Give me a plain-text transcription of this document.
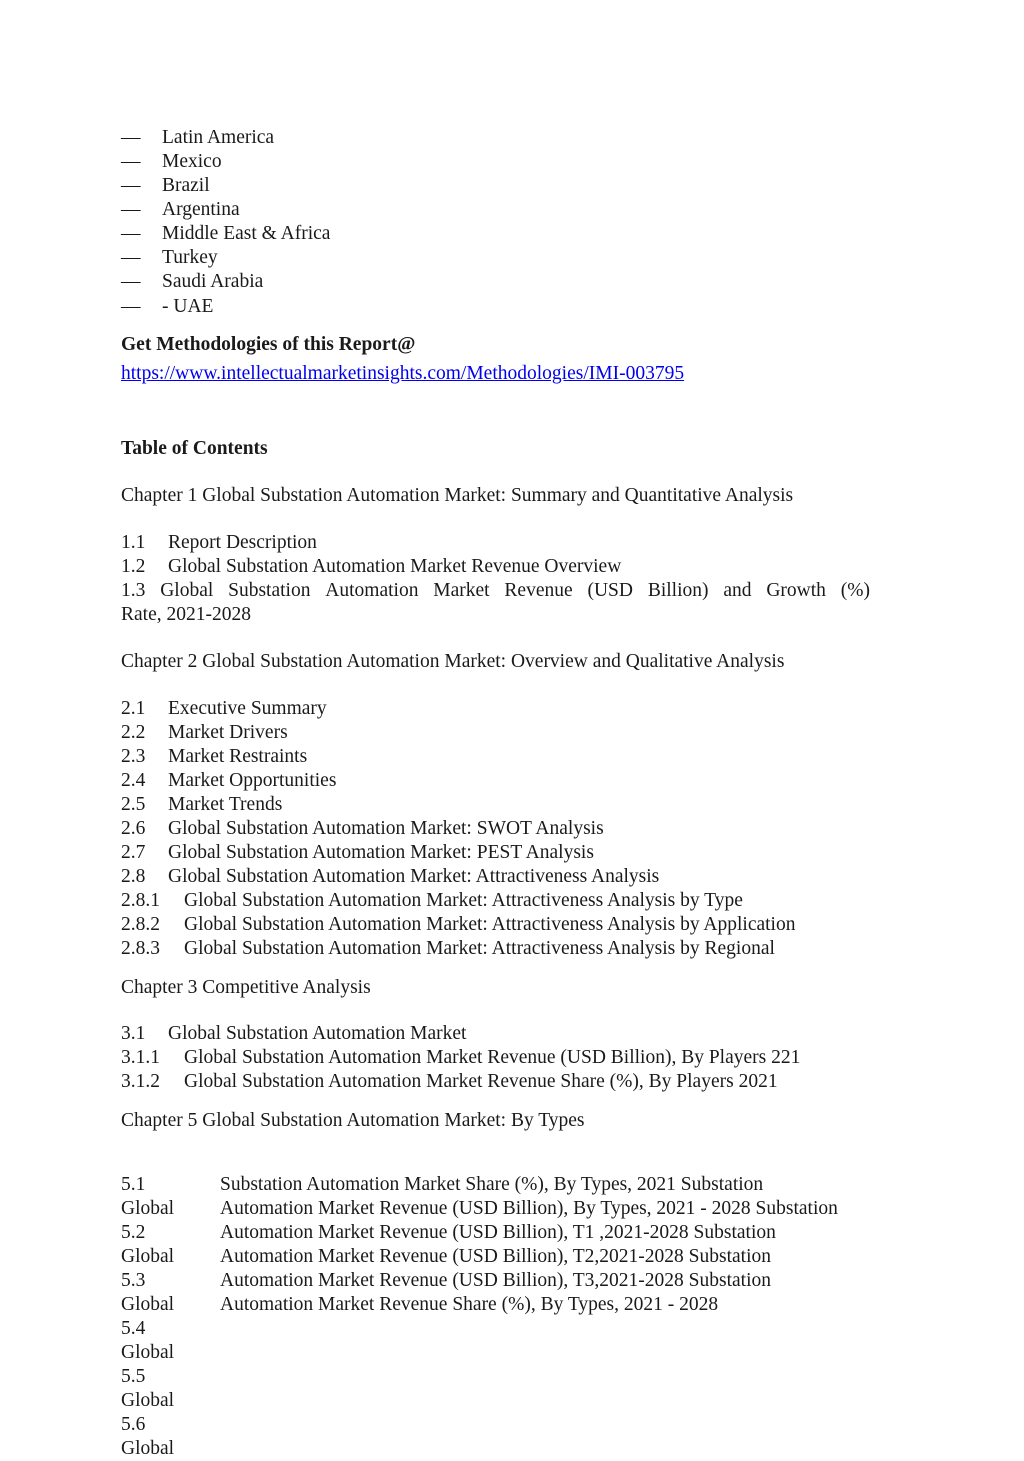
— Latin America
— Mexico
— Brazil
— Argentina
— Middle East & Africa
— Turkey
— Saudi Arabia
— - UAE
Get Methodologies of this Report@
https://www.intellectualmarketinsights.com/Methodologies/IMI-003795
Table of Contents
Chapter 1 Global Substation Automation Market: Summary and Quantitative Analysis
1.1 Report Description
1.2 Global Substation Automation Market Revenue Overview
1.3 Global Substation Automation Market Revenue (USD Billion) and Growth (%)
Rate, 2021-2028
Chapter 2 Global Substation Automation Market: Overview and Qualitative Analysis
2.1 Executive Summary
2.2 Market Drivers
2.3 Market Restraints
2.4 Market Opportunities
2.5 Market Trends
2.6 Global Substation Automation Market: SWOT Analysis
2.7 Global Substation Automation Market: PEST Analysis
2.8 Global Substation Automation Market: Attractiveness Analysis
2.8.1 Global Substation Automation Market: Attractiveness Analysis by Type
2.8.2 Global Substation Automation Market: Attractiveness Analysis by Application
2.8.3 Global Substation Automation Market: Attractiveness Analysis by Regional
Chapter 3 Competitive Analysis
3.1 Global Substation Automation Market
3.1.1 Global Substation Automation Market Revenue (USD Billion), By Players 221
3.1.2 Global Substation Automation Market Revenue Share (%), By Players 2021
Chapter 5 Global Substation Automation Market: By Types
5.1
Global
5.2
Global
5.3
Global
5.4
Global
5.5
Global
5.6
Global
Substation Automation Market Share (%), By Types, 2021 Substation
Automation Market Revenue (USD Billion), By Types, 2021 - 2028 Substation
Automation Market Revenue (USD Billion), T1 ,2021-2028 Substation
Automation Market Revenue (USD Billion), T2,2021-2028 Substation
Automation Market Revenue (USD Billion), T3,2021-2028 Substation
Automation Market Revenue Share (%), By Types, 2021 - 2028
